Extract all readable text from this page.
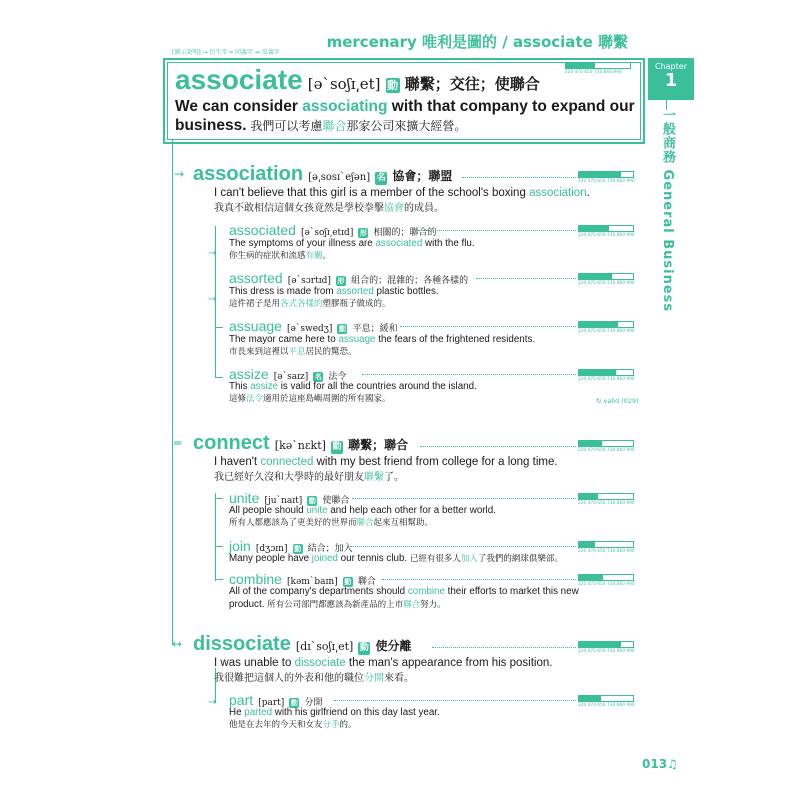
mercenary 唯利是圖的 / associate 聯繫
[圖示說明] → 衍生字 ═ 同義字 ↔ 反義字
Chapter
1
一般商務 General Business
associate [ə`soʃɪ͵et] 動 聯繫；交往；使聯合
220 470 650 730 860 990
We can consider associating with that company to expand our business. 我們可以考慮聯合那家公司來擴大經營。
→
═
↔
→
→
→
association [ə͵sosɪ`eʃən] 名 協會；聯盟	220 470 650 730 860 990
I can't believe that this girl is a member of the school's boxing association.
我真不敢相信這個女孩竟然是學校拳擊協會的成員。
associated [ə`soʃɪ͵etɪd] 形 相關的；聯合的	220 470 650 730 860 990
The symptoms of your illness are associated with the flu.
你生病的症狀和流感有關。
assorted [ə`sɔrtɪd] 形 組合的；混雜的；各種各樣的	220 470 650 730 860 990
This dress is made from assorted plastic bottles.
這件裙子是用各式各樣的塑膠瓶子做成的。
assuage [ə`swedʒ] 動 平息；緩和	220 470 650 730 860 990
The mayor came here to assuage the fears of the frightened residents.
市長來到這裡以平息居民的驚恐。
assize [ə`saɪz] 名 法令	220 470 650 730 860 990
This assize is valid for all the countries around the island.
這條法令適用於這座島嶼周圍的所有國家。	↻ valid (029)
connect [kə`nɛkt] 動 聯繫；聯合	220 470 650 730 860 990
I haven't connected with my best friend from college for a long time.
我已經好久沒和大學時的最好朋友聯繫了。
unite [ju`naɪt] 動 使聯合	220 470 650 730 860 990
All people should unite and help each other for a better world.
所有人都應該為了更美好的世界而聯合起來互相幫助。
join [dʒɔɪn] 動 結合；加入	220 470 650 730 860 990
Many people have joined our tennis club. 已經有很多人加入了我們的網球俱樂部。
combine [kəm`baɪn] 動 聯合	220 470 650 730 860 990
All of the company's departments should combine their efforts to market this new
product. 所有公司部門都應該為新產品的上市聯合努力。
dissociate [dɪ`soʃɪ͵et] 動 使分離	220 470 650 730 860 990
I was unable to dissociate the man's appearance from his position.
我很難把這個人的外表和他的職位分開來看。
part [part] 動 分開	220 470 650 730 860 990
He parted with his girlfriend on this day last year.
他是在去年的今天和女友分手的。
013♫
